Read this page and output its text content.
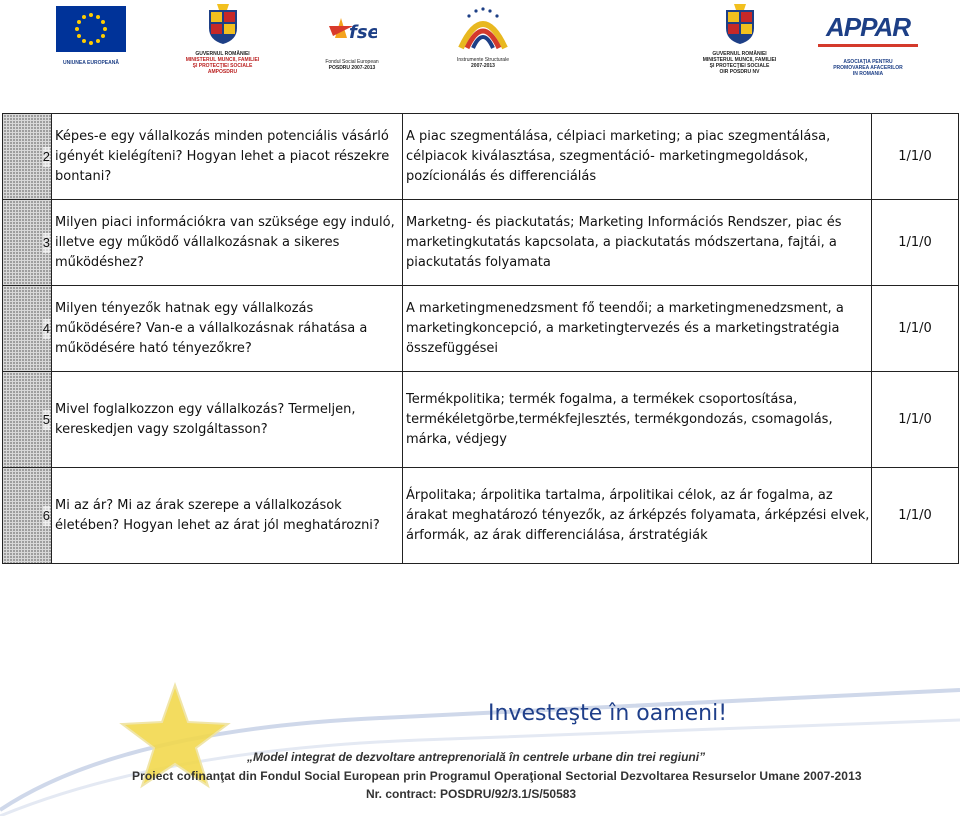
UNIUNEA EUROPEANĂ
GUVERNUL ROMÂNIEI
MINISTERUL MUNCII, FAMILIEI
ŞI PROTECŢIEI SOCIALE
AMPOSDRU
fse
Fondul Social European
POSDRU 2007-2013
Instrumente Structurale
2007-2013
GUVERNUL ROMÂNIEI
MINISTERUL MUNCII, FAMILIEI
ŞI PROTECŢIEI SOCIALE
OIR POSDRU NV
APPAR
ASOCIAŢIA PENTRU
PROMOVAREA AFACERILOR
IN ROMANIA
2	Képes-e egy vállalkozás minden potenciális vásárló igényét kielégíteni? Hogyan lehet a piacot részekre bontani?	A piac szegmentálása, célpiaci marketing; a piac szegmentálása, célpiacok kiválasztása, szegmentáció- marketingmegoldások, pozícionálás és differenciálás	1/1/0

3	Milyen piaci információkra van szüksége egy induló, illetve egy működő vállalkozásnak a sikeres működéshez?	Marketng- és piackutatás; Marketing Információs Rendszer, piac és marketingkutatás kapcsolata, a piackutatás módszertana, fajtái, a piackutatás folyamata	1/1/0

4	Milyen tényezők hatnak egy vállalkozás működésére? Van-e a vállalkozásnak ráhatása a működésére ható tényezőkre?	A marketingmenedzsment fő teendői; a marketingmenedzsment, a marketingkoncepció, a marketingtervezés és a marketingstratégia összefüggései	1/1/0

5	Mivel foglalkozzon egy vállalkozás? Termeljen, kereskedjen vagy szolgáltasson?	Termékpolitika; termék fogalma, a termékek csoportosítása, termékéletgörbe,termékfejlesztés, termékgondozás, csomagolás, márka, védjegy	1/1/0

6	Mi az ár? Mi az árak szerepe a vállalkozások életében? Hogyan lehet az árat jól meghatározni?	Árpolitaka; árpolitika tartalma, árpolitikai célok, az ár fogalma, az árakat meghatározó tényezők, az árképzés folyamata, árképzési elvek, árformák, az árak differenciálása, árstratégiák	1/1/0
Investeşte în oameni!
„Model integrat de dezvoltare antreprenorială în centrele urbane din trei regiuni”
Proiect cofinanţat din Fondul Social European prin Programul Operaţional Sectorial Dezvoltarea Resurselor Umane 2007-2013
Nr. contract: POSDRU/92/3.1/S/50583
